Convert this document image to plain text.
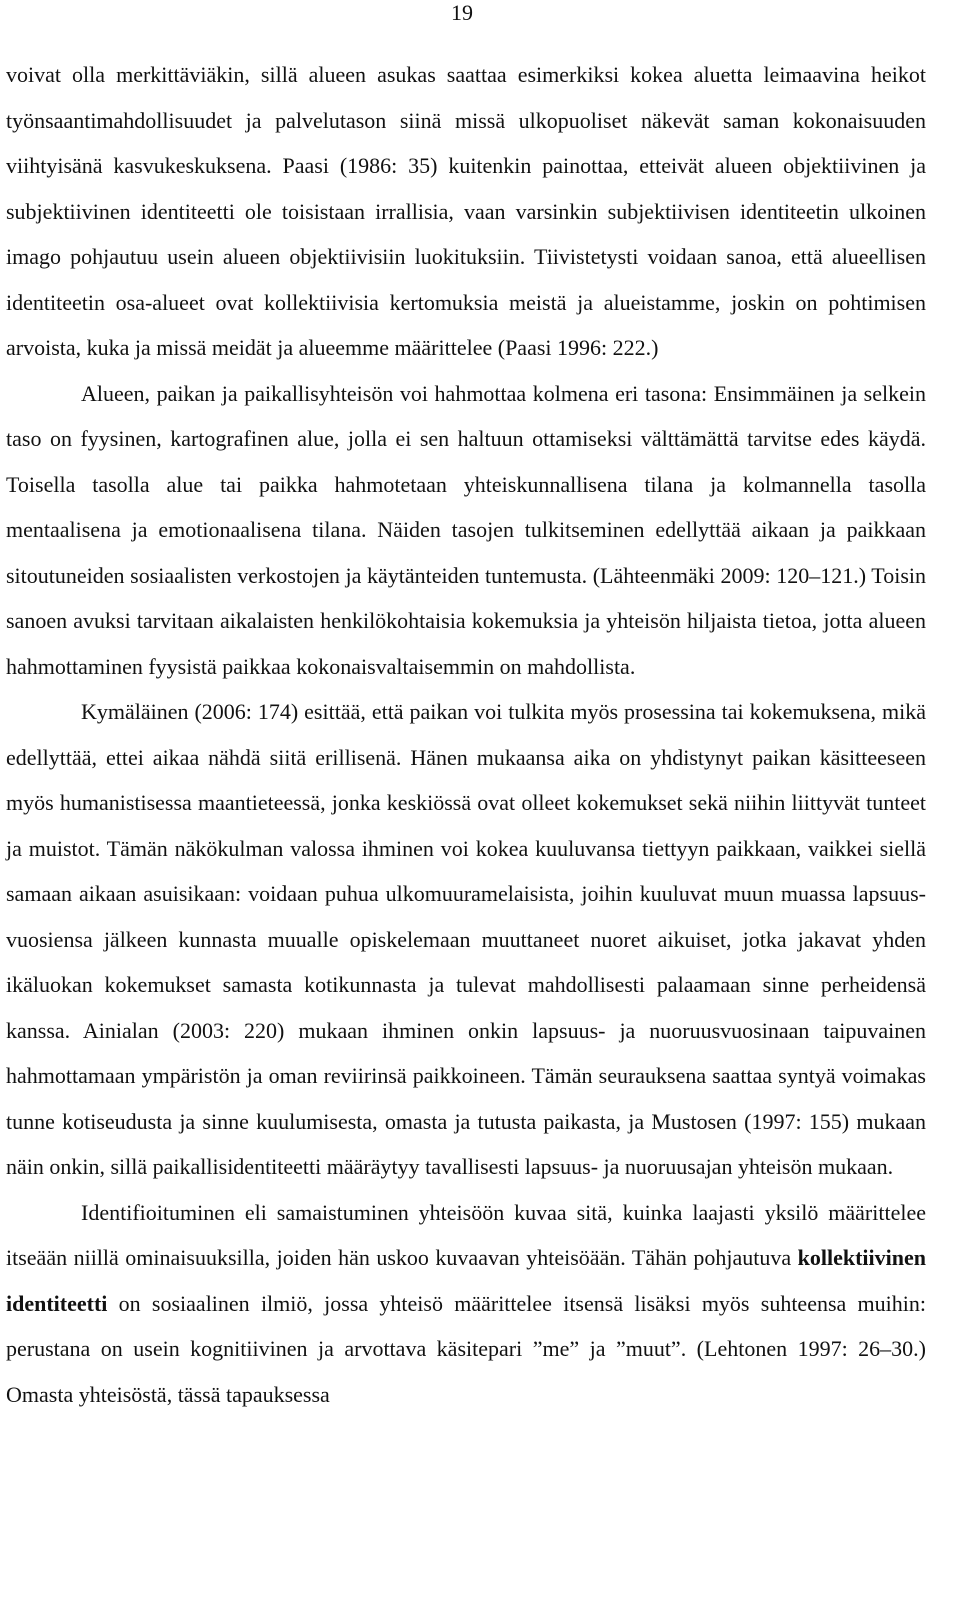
19

voivat olla merkittäviäkin, sillä alueen asukas saattaa esimerkiksi kokea aluetta leimaavina heikot työnsaantimahdollisuudet ja palvelutason siinä missä ulkopuoliset näkevät saman kokonaisuuden viihtyisänä kasvukeskuksena. Paasi (1986: 35) kuitenkin painottaa, etteivät alueen objektiivinen ja subjektiivinen identiteetti ole toisistaan irrallisia, vaan varsinkin subjektiivisen identiteetin ulkoinen imago pohjautuu usein alueen objektiivisiin luokituksiin. Tiivistetysti voidaan sanoa, että alueellisen identiteetin osa-alueet ovat kollektiivisia kertomuksia meistä ja alueistamme, joskin on pohtimisen arvoista, kuka ja missä meidät ja alueemme määrittelee (Paasi 1996: 222.)

Alueen, paikan ja paikallisyhteisön voi hahmottaa kolmena eri tasona: Ensimmäinen ja selkein taso on fyysinen, kartografinen alue, jolla ei sen haltuun ottamiseksi välttämättä tarvitse edes käydä. Toisella tasolla alue tai paikka hahmotetaan yhteiskunnallisena tilana ja kolmannella tasolla mentaalisena ja emotionaalisena tilana. Näiden tasojen tulkitseminen edellyttää aikaan ja paikkaan sitoutuneiden sosiaalisten verkostojen ja käytänteiden tuntemusta. (Lähteenmäki 2009: 120–121.) Toisin sanoen avuksi tarvitaan aikalaisten henkilökohtaisia kokemuksia ja yhteisön hiljaista tietoa, jotta alueen hahmottaminen fyysistä paikkaa kokonaisvaltaisemmin on mahdollista.

Kymäläinen (2006: 174) esittää, että paikan voi tulkita myös prosessina tai kokemuksena, mikä edellyttää, ettei aikaa nähdä siitä erillisenä. Hänen mukaansa aika on yhdistynyt paikan käsitteeseen myös humanistisessa maantieteessä, jonka keskiössä ovat olleet kokemukset sekä niihin liittyvät tunteet ja muistot. Tämän näkökulman valossa ihminen voi kokea kuuluvansa tiettyyn paikkaan, vaikkei siellä samaan aikaan asuisikaan: voidaan puhua ulkomuuramelaisista, joihin kuuluvat muun muassa lapsuusvuosiensa jälkeen kunnasta muualle opiskelemaan muuttaneet nuoret aikuiset, jotka jakavat yhden ikäluokan kokemukset samasta kotikunnasta ja tulevat mahdollisesti palaamaan sinne perheidensä kanssa. Ainialan (2003: 220) mukaan ihminen onkin lapsuus- ja nuoruusvuosinaan taipuvainen hahmottamaan ympäristön ja oman reviirinsä paikkoineen. Tämän seurauksena saattaa syntyä voimakas tunne kotiseudusta ja sinne kuulumisesta, omasta ja tutusta paikasta, ja Mustosen (1997: 155) mukaan näin onkin, sillä paikallisidentiteetti määräytyy tavallisesti lapsuus- ja nuoruusajan yhteisön mukaan.

Identifioituminen eli samaistuminen yhteisöön kuvaa sitä, kuinka laajasti yksilö määrittelee itseään niillä ominaisuuksilla, joiden hän uskoo kuvaavan yhteisöään. Tähän pohjautuva kollektiivinen identiteetti on sosiaalinen ilmiö, jossa yhteisö määrittelee itsensä lisäksi myös suhteensa muihin: perustana on usein kognitiivinen ja arvottava käsitepari ”me” ja ”muut”. (Lehtonen 1997: 26–30.) Omasta yhteisöstä, tässä tapauksessa
